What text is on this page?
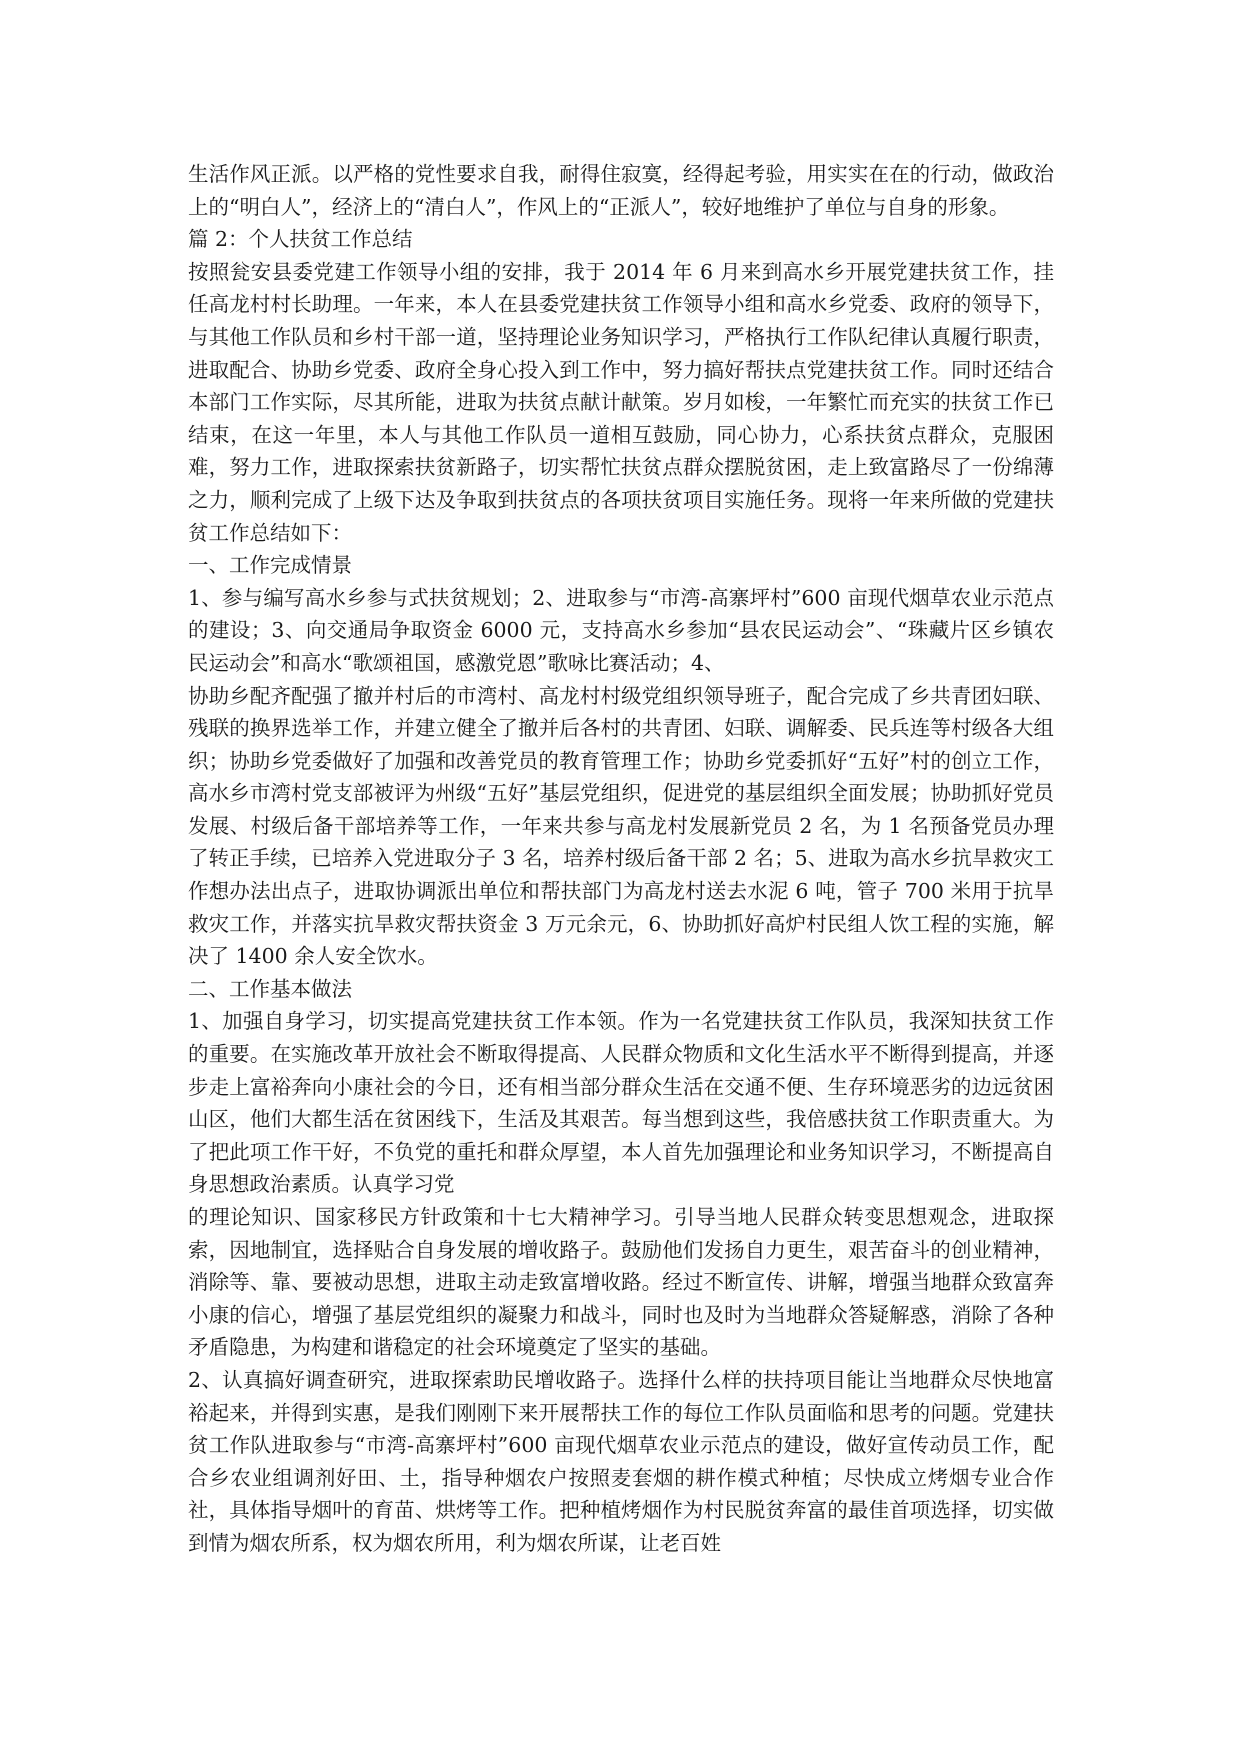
生活作风正派。以严格的党性要求自我，耐得住寂寞，经得起考验，用实实在在的行动，做政治上的“明白人”，经济上的“清白人”，作风上的“正派人”，较好地维护了单位与自身的形象。

篇 2：个人扶贫工作总结

按照瓮安县委党建工作领导小组的安排，我于 2014 年 6 月来到高水乡开展党建扶贫工作，挂任高龙村村长助理。一年来，本人在县委党建扶贫工作领导小组和高水乡党委、政府的领导下，与其他工作队员和乡村干部一道，坚持理论业务知识学习，严格执行工作队纪律认真履行职责，进取配合、协助乡党委、政府全身心投入到工作中，努力搞好帮扶点党建扶贫工作。同时还结合本部门工作实际，尽其所能，进取为扶贫点献计献策。岁月如梭，一年繁忙而充实的扶贫工作已结束，在这一年里，本人与其他工作队员一道相互鼓励，同心协力，心系扶贫点群众，克服困难，努力工作，进取探索扶贫新路子，切实帮忙扶贫点群众摆脱贫困，走上致富路尽了一份绵薄之力，顺利完成了上级下达及争取到扶贫点的各项扶贫项目实施任务。现将一年来所做的党建扶贫工作总结如下：

一、工作完成情景

1、参与编写高水乡参与式扶贫规划；2、进取参与“市湾-高寨坪村”600 亩现代烟草农业示范点的建设；3、向交通局争取资金 6000 元，支持高水乡参加“县农民运动会”、“珠藏片区乡镇农民运动会”和高水“歌颂祖国，感激党恩”歌咏比赛活动；4、

协助乡配齐配强了撤并村后的市湾村、高龙村村级党组织领导班子，配合完成了乡共青团妇联、残联的换界选举工作，并建立健全了撤并后各村的共青团、妇联、调解委、民兵连等村级各大组织；协助乡党委做好了加强和改善党员的教育管理工作；协助乡党委抓好“五好”村的创立工作，高水乡市湾村党支部被评为州级“五好”基层党组织，促进党的基层组织全面发展；协助抓好党员发展、村级后备干部培养等工作，一年来共参与高龙村发展新党员 2 名，为 1 名预备党员办理了转正手续，已培养入党进取分子 3 名，培养村级后备干部 2 名；5、进取为高水乡抗旱救灾工作想办法出点子，进取协调派出单位和帮扶部门为高龙村送去水泥 6 吨，管子 700 米用于抗旱救灾工作，并落实抗旱救灾帮扶资金 3 万元余元，6、协助抓好高炉村民组人饮工程的实施，解决了 1400 余人安全饮水。

二、工作基本做法

1、加强自身学习，切实提高党建扶贫工作本领。作为一名党建扶贫工作队员，我深知扶贫工作的重要。在实施改革开放社会不断取得提高、人民群众物质和文化生活水平不断得到提高，并逐步走上富裕奔向小康社会的今日，还有相当部分群众生活在交通不便、生存环境恶劣的边远贫困山区，他们大都生活在贫困线下，生活及其艰苦。每当想到这些，我倍感扶贫工作职责重大。为了把此项工作干好，不负党的重托和群众厚望，本人首先加强理论和业务知识学习，不断提高自身思想政治素质。认真学习党

的理论知识、国家移民方针政策和十七大精神学习。引导当地人民群众转变思想观念，进取探索，因地制宜，选择贴合自身发展的增收路子。鼓励他们发扬自力更生，艰苦奋斗的创业精神，消除等、靠、要被动思想，进取主动走致富增收路。经过不断宣传、讲解，增强当地群众致富奔小康的信心，增强了基层党组织的凝聚力和战斗，同时也及时为当地群众答疑解惑，消除了各种矛盾隐患，为构建和谐稳定的社会环境奠定了坚实的基础。

2、认真搞好调查研究，进取探索助民增收路子。选择什么样的扶持项目能让当地群众尽快地富裕起来，并得到实惠，是我们刚刚下来开展帮扶工作的每位工作队员面临和思考的问题。党建扶贫工作队进取参与“市湾-高寨坪村”600 亩现代烟草农业示范点的建设，做好宣传动员工作，配合乡农业组调剂好田、土，指导种烟农户按照麦套烟的耕作模式种植；尽快成立烤烟专业合作社，具体指导烟叶的育苗、烘烤等工作。把种植烤烟作为村民脱贫奔富的最佳首项选择，切实做到情为烟农所系，权为烟农所用，利为烟农所谋，让老百姓
